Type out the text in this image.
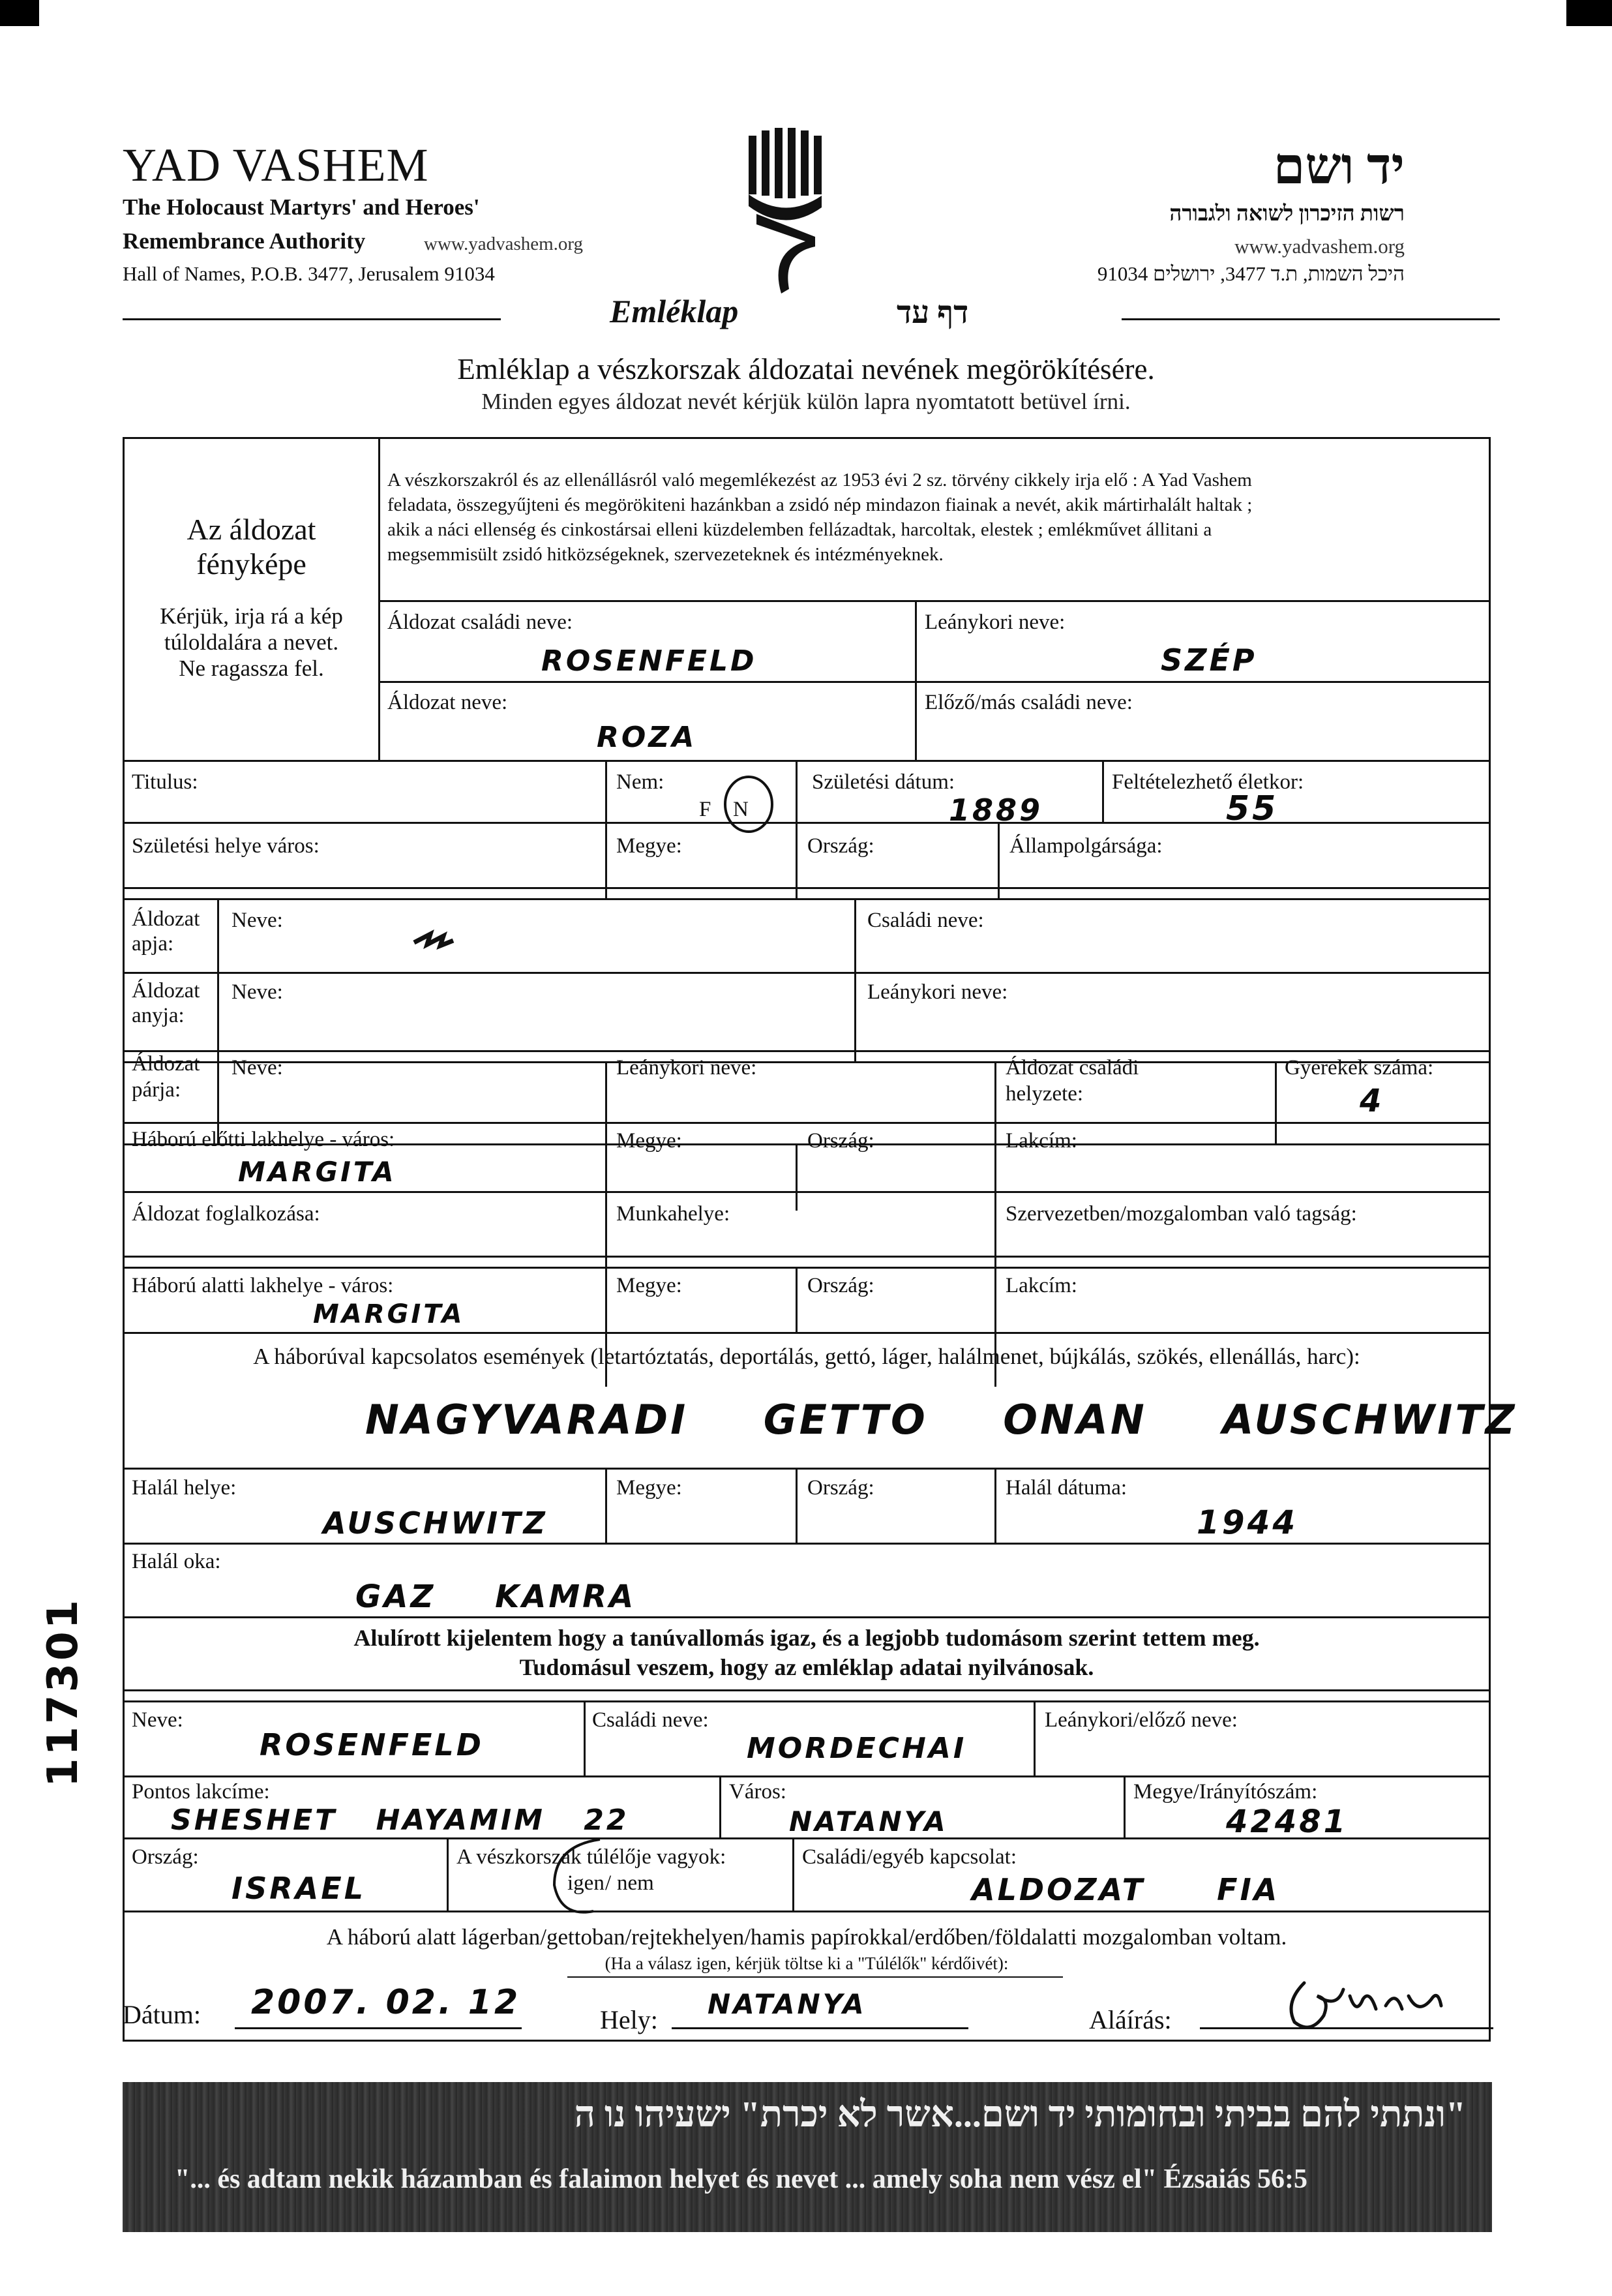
YAD VASHEM
The Holocaust Martyrs' and Heroes'
Remembrance Authority	www.yadvashem.org
Hall of Names, P.O.B. 3477, Jerusalem 91034
יד ושם
רשות הזיכרון לשואה ולגבורה
www.yadvashem.org
היכל השמות, ת.ד 3477, ירושלים 91034
Emléklap	דף עד
Emléklap a vészkorszak áldozatai nevének megörökítésére.
Minden egyes áldozat nevét kérjük külön lapra nyomtatott betüvel írni.
Az áldozat
fényképe
Kérjük, irja rá a kép
túloldalára a nevet.
Ne ragassza fel.
A vészkorszakról és az ellenállásról való megemlékezést az 1953 évi 2 sz. törvény cikkely irja elő : A Yad Vashem
feladata, összegyűjteni és megörökiteni hazánkban a zsidó nép mindazon fiainak a nevét, akik mártirhalált haltak ;
akik a náci ellenség és cinkostársai elleni küzdelemben fellázadtak, harcoltak, elestek ; emlékművet állitani a
megsemmisült zsidó hitközségeknek, szervezeteknek és intézményeknek.
Áldozat családi neve:
ROSENFELD
Leánykori neve:
SZÉP
Áldozat neve:
ROZA
Előző/más családi neve:
Titulus:	Nem:
F N
Születési dátum:
1889
Feltételezhető életkor:
55
Születési helye város:	Megye:	Ország:	Állampolgársága:
Áldozat
apja:
Neve:	Családi neve:
Áldozat
anyja:
Neve:	Leánykori neve:
Áldozat
párja:
Neve:	Leánykori neve:	Áldozat családi
helyzete:
Gyerekek száma:
4
Háború előtti lakhelye - város:
MARGITA
Megye:	Ország:	Lakcím:
Áldozat foglalkozása:	Munkahelye:	Szervezetben/mozgalomban való tagság:
Háború alatti lakhelye - város:
MARGITA
Megye:	Ország:	Lakcím:
A háborúval kapcsolatos események (letartóztatás, deportálás, gettó, láger, halálmenet, bújkálás, szökés, ellenállás, harc):
NAGYVARADI GETTO ONAN AUSCHWITZ
Halál helye:
AUSCHWITZ
Megye:	Ország:	Halál dátuma:
1944
Halál oka:
GAZ KAMRA
Alulírott kijelentem hogy a tanúvallomás igaz, és a legjobb tudomásom szerint tettem meg.
Tudomásul veszem, hogy az emléklap adatai nyilvánosak.
Neve:
ROSENFELD
Családi neve:
MORDECHAI
Leánykori/előző neve:
Pontos lakcíme:
SHESHET HAYAMIM 22
Város:
NATANYA
Megye/Irányítószám:
42481
Ország:
ISRAEL
A vészkorszak túlélője vagyok:
igen / nem
Családi/egyéb kapcsolat:
ALDOZAT FIA
A háború alatt lágerban/gettoban/rejtekhelyen/hamis papírokkal/erdőben/földalatti mozgalomban voltam.
(Ha a válasz igen, kérjük töltse ki a "Túlélők" kérdőivét):
Dátum: 2007. 02. 12	Hely: NATANYA	Aláírás:
"ונתתי להם בביתי ובחומותי יד ושם...אשר לא יכרת" ישעיהו נו ה
"... és adtam nekik házamban és falaimon helyet és nevet ... amely soha nem vész el" Ézsaiás 56:5
117301
